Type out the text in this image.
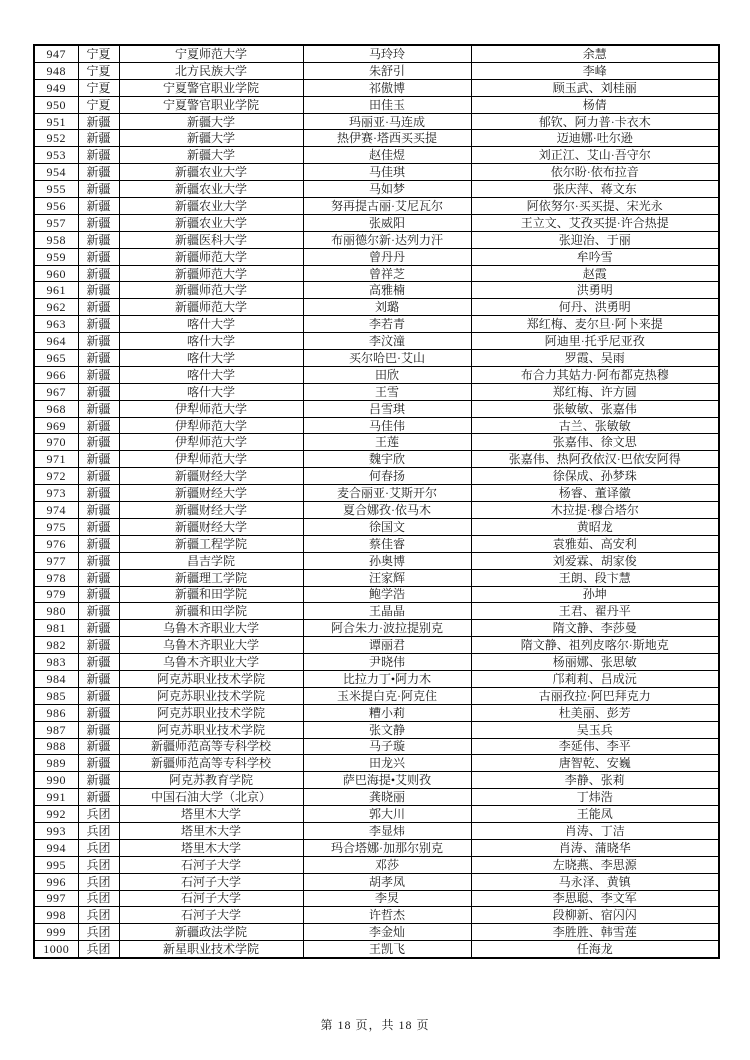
947	宁夏	宁夏师范大学	马玲玲	余慧
948	宁夏	北方民族大学	朱舒引	李峰
949	宁夏	宁夏警官职业学院	祁傲博	顾玉武、刘桂丽
950	宁夏	宁夏警官职业学院	田佳玉	杨倩
951	新疆	新疆大学	玛丽亚·马连成	郁钦、阿力普·卡衣木
952	新疆	新疆大学	热伊赛·塔西买买提	迈迪娜·吐尔逊
953	新疆	新疆大学	赵佳煜	刘正江、艾山·吾守尔
954	新疆	新疆农业大学	马佳琪	依尔盼·依布拉音
955	新疆	新疆农业大学	马如梦	张庆萍、蒋文东
956	新疆	新疆农业大学	努再提古丽·艾尼瓦尔	阿依努尔·买买提、宋光永
957	新疆	新疆农业大学	张威阳	王立文、艾孜买提·许合热提
958	新疆	新疆医科大学	布丽德尔新·达列力汗	张迎治、于丽
959	新疆	新疆师范大学	曾丹丹	牟吟雪
960	新疆	新疆师范大学	曾祥芝	赵霞
961	新疆	新疆师范大学	高雅楠	洪勇明
962	新疆	新疆师范大学	刘璐	何丹、洪勇明
963	新疆	喀什大学	李若青	郑红梅、麦尔旦·阿卜来提
964	新疆	喀什大学	李汶潼	阿迪里·托乎尼亚孜
965	新疆	喀什大学	买尔哈巴·艾山	罗霞、吴雨
966	新疆	喀什大学	田欣	布合力其姑力·阿布都克热穆
967	新疆	喀什大学	王雪	郑红梅、许方圆
968	新疆	伊犁师范大学	吕雪琪	张敏敏、张嘉伟
969	新疆	伊犁师范大学	马佳伟	古兰、张敏敏
970	新疆	伊犁师范大学	王莲	张嘉伟、徐文思
971	新疆	伊犁师范大学	魏宇欣	张嘉伟、热阿孜依汉·巴依安阿得
972	新疆	新疆财经大学	何春扬	徐保成、孙梦珠
973	新疆	新疆财经大学	麦合丽亚·艾斯开尔	杨睿、董译徽
974	新疆	新疆财经大学	夏合娜孜·依马木	木拉提·穆合塔尔
975	新疆	新疆财经大学	徐国文	黄昭龙
976	新疆	新疆工程学院	蔡佳睿	袁雅茹、高安利
977	新疆	昌吉学院	孙奥博	刘爱霖、胡家俊
978	新疆	新疆理工学院	汪家辉	王朗、段卞慧
979	新疆	新疆和田学院	鲍学浩	孙坤
980	新疆	新疆和田学院	王晶晶	王君、翟丹平
981	新疆	乌鲁木齐职业大学	阿合朱力·波拉提别克	隋文静、李莎曼
982	新疆	乌鲁木齐职业大学	谭丽君	隋文静、祖列皮喀尔·斯地克
983	新疆	乌鲁木齐职业大学	尹晓伟	杨丽娜、张思敏
984	新疆	阿克苏职业技术学院	比拉力丁•阿力木	邝莉莉、吕成沅
985	新疆	阿克苏职业技术学院	玉米提白克·阿克住	古丽孜拉·阿巴拜克力
986	新疆	阿克苏职业技术学院	糟小莉	杜美丽、彭芳
987	新疆	阿克苏职业技术学院	张文静	吴玉兵
988	新疆	新疆师范高等专科学校	马子璇	李延伟、李平
989	新疆	新疆师范高等专科学校	田龙兴	唐智乾、安巍
990	新疆	阿克苏教育学院	萨巴海提•艾则孜	李静、张莉
991	新疆	中国石油大学（北京）	龚晓丽	丁炜浩
992	兵团	塔里木大学	郭大川	王能凤
993	兵团	塔里木大学	李显炜	肖涛、丁洁
994	兵团	塔里木大学	玛合塔娜·加那尔别克	肖涛、蒲晓华
995	兵团	石河子大学	邓莎	左晓燕、李思源
996	兵团	石河子大学	胡孝凤	马永泽、黄镇
997	兵团	石河子大学	李炅	李思聪、李文军
998	兵团	石河子大学	许哲杰	段柳新、宿闪闪
999	兵团	新疆政法学院	李金灿	李胜胜、韩雪莲
1000	兵团	新星职业技术学院	王凯飞	任海龙
第 18 页，共 18 页
